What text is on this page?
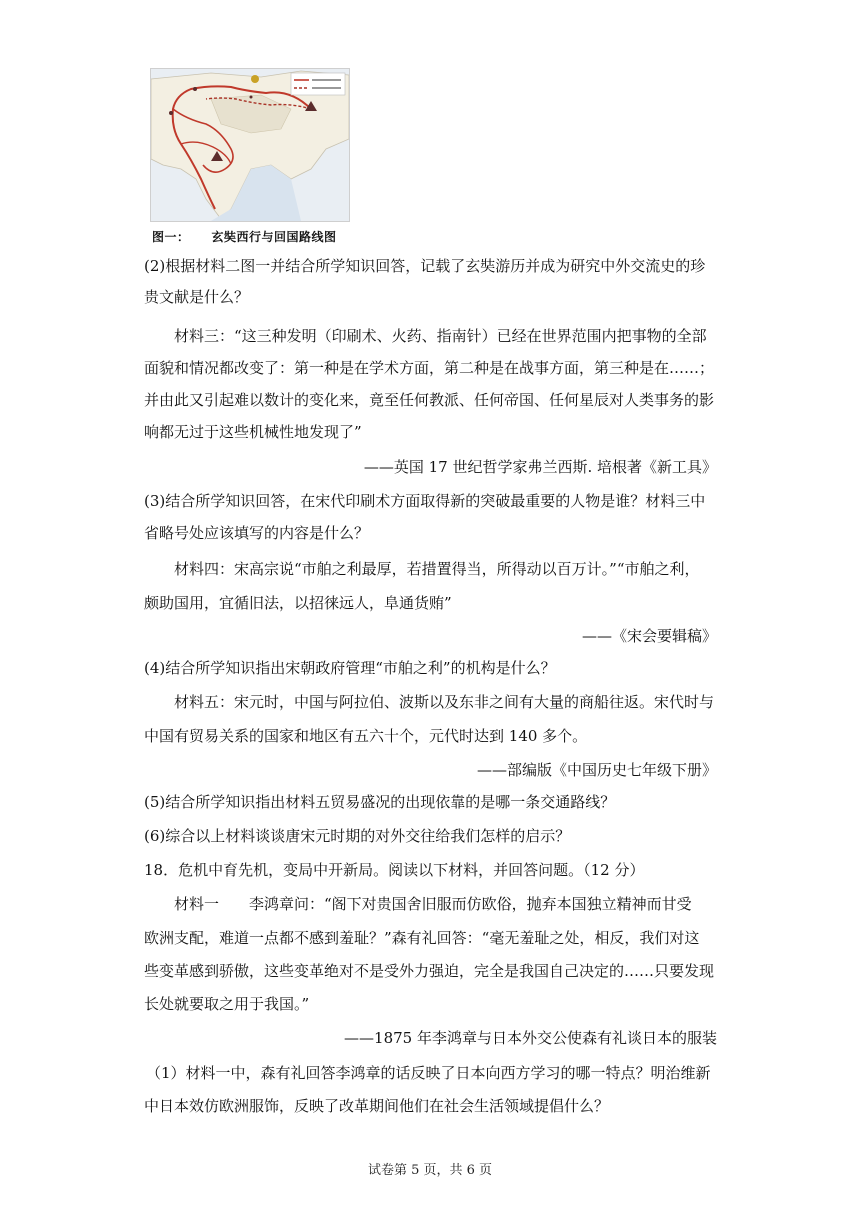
图一： 玄奘西行与回国路线图
(2)根据材料二图一并结合所学知识回答，记载了玄奘游历并成为研究中外交流史的珍
贵文献是什么？
材料三：“这三种发明（印刷术、火药、指南针）已经在世界范围内把事物的全部
面貌和情况都改变了：第一种是在学术方面，第二种是在战事方面，第三种是在……；
并由此又引起难以数计的变化来，竟至任何教派、任何帝国、任何星辰对人类事务的影
响都无过于这些机械性地发现了”
——英国 17 世纪哲学家弗兰西斯. 培根著《新工具》
(3)结合所学知识回答，在宋代印刷术方面取得新的突破最重要的人物是谁？材料三中
省略号处应该填写的内容是什么？
材料四：宋高宗说“市舶之利最厚，若措置得当，所得动以百万计。”“市舶之利，
颇助国用，宜循旧法，以招徕远人，阜通货贿”
——《宋会要辑稿》
(4)结合所学知识指出宋朝政府管理“市舶之利”的机构是什么？
材料五：宋元时，中国与阿拉伯、波斯以及东非之间有大量的商船往返。宋代时与
中国有贸易关系的国家和地区有五六十个，元代时达到 140 多个。
——部编版《中国历史七年级下册》
(5)结合所学知识指出材料五贸易盛况的出现依靠的是哪一条交通路线？
(6)综合以上材料谈谈唐宋元时期的对外交往给我们怎样的启示？
18．危机中育先机，变局中开新局。阅读以下材料，并回答问题。（12 分）
材料一　　李鸿章问：“阁下对贵国舍旧服而仿欧俗，抛弃本国独立精神而甘受
欧洲支配，难道一点都不感到羞耻？”森有礼回答：“毫无羞耻之处，相反，我们对这
些变革感到骄傲，这些变革绝对不是受外力强迫，完全是我国自己决定的……只要发现
长处就要取之用于我国。”
——1875 年李鸿章与日本外交公使森有礼谈日本的服装
（1）材料一中，森有礼回答李鸿章的话反映了日本向西方学习的哪一特点？明治维新
中日本效仿欧洲服饰，反映了改革期间他们在社会生活领域提倡什么？
试卷第 5 页，共 6 页
